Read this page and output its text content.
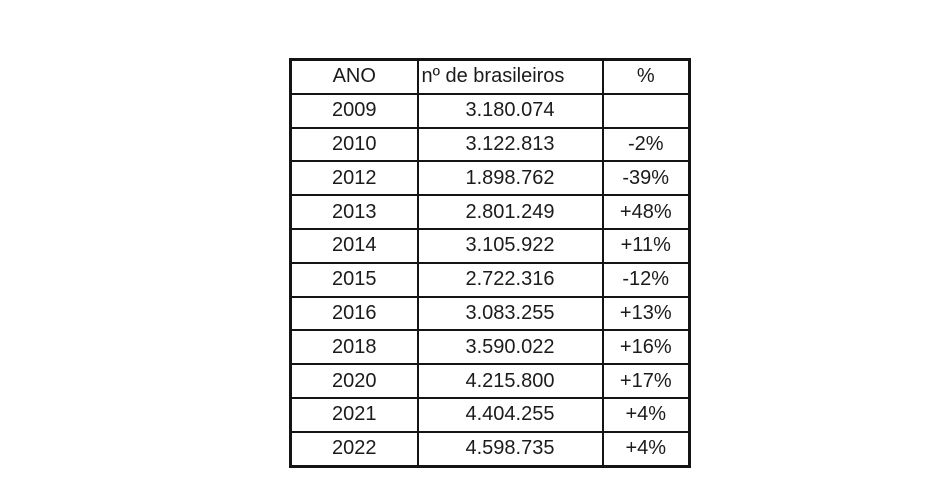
ANO	nº de brasileiros	%
2009	3.180.074	
2010	3.122.813	-2%
2012	1.898.762	-39%
2013	2.801.249	+48%
2014	3.105.922	+11%
2015	2.722.316	-12%
2016	3.083.255	+13%
2018	3.590.022	+16%
2020	4.215.800	+17%
2021	4.404.255	+4%
2022	4.598.735	+4%
